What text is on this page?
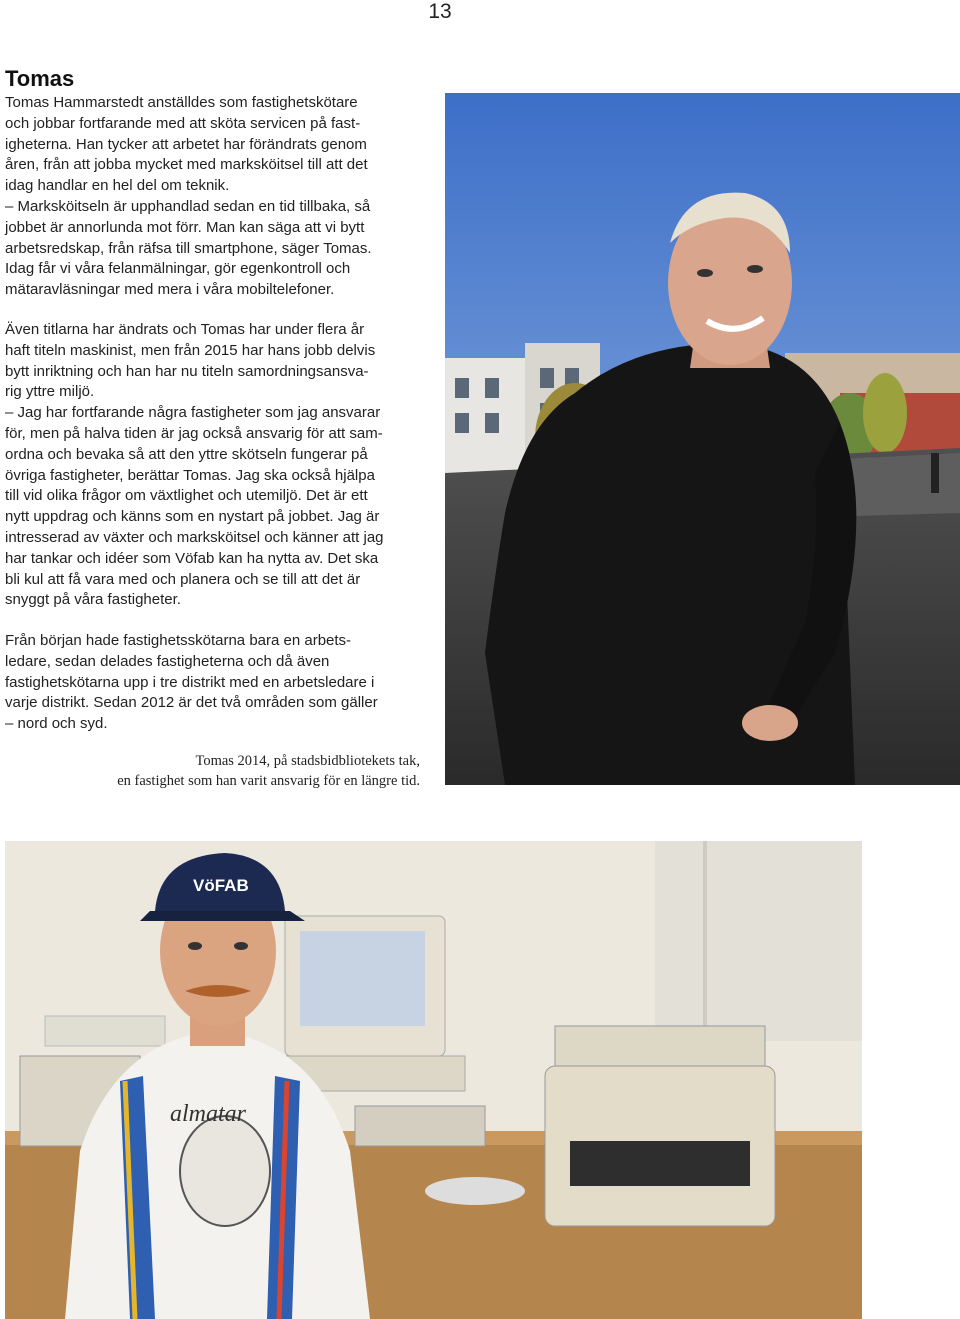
13
Tomas

Tomas Hammarstedt anställdes som fastighetskötare

och jobbar fortfarande med att sköta servicen på fast-

igheterna. Han tycker att arbetet har förändrats genom

åren, från att jobba mycket med marksköitsel till att det

idag handlar en hel del om teknik.

– Marksköitseln är upphandlad sedan en tid tillbaka, så

jobbet är annorlunda mot förr. Man kan säga att vi bytt

arbetsredskap, från räfsa till smartphone, säger Tomas.

Idag får vi våra felanmälningar, gör egenkontroll och

mätaravläsningar med mera i våra mobiltelefoner.

Även titlarna har ändrats och Tomas har under flera år

haft titeln maskinist, men från 2015 har hans jobb delvis

bytt inriktning och han har nu titeln samordningsansva-

rig yttre miljö.

– Jag har fortfarande några fastigheter som jag ansvarar

för, men på halva tiden är jag också ansvarig för att sam-

ordna och bevaka så att den yttre skötseln fungerar på

övriga fastigheter, berättar Tomas. Jag ska också hjälpa

till vid olika frågor om växtlighet och utemiljö. Det är ett

nytt uppdrag och känns som en nystart på jobbet. Jag är

intresserad av växter och marksköitsel och känner att jag

har tankar och idéer som Vöfab kan ha nytta av. Det ska

bli kul att få vara med och planera och se till att det är

snyggt på våra fastigheter.

Från början hade fastighetsskötarna bara en arbets-

ledare, sedan delades fastigheterna och då även

fastighetskötarna upp i tre distrikt med en arbetsledare i

varje distrikt. Sedan 2012 är det två områden som gäller

– nord och syd.

Tomas 2014, på stadsbidbliotekets tak,
en fastighet som han varit ansvarig för en längre tid.
almatar
VöFAB
